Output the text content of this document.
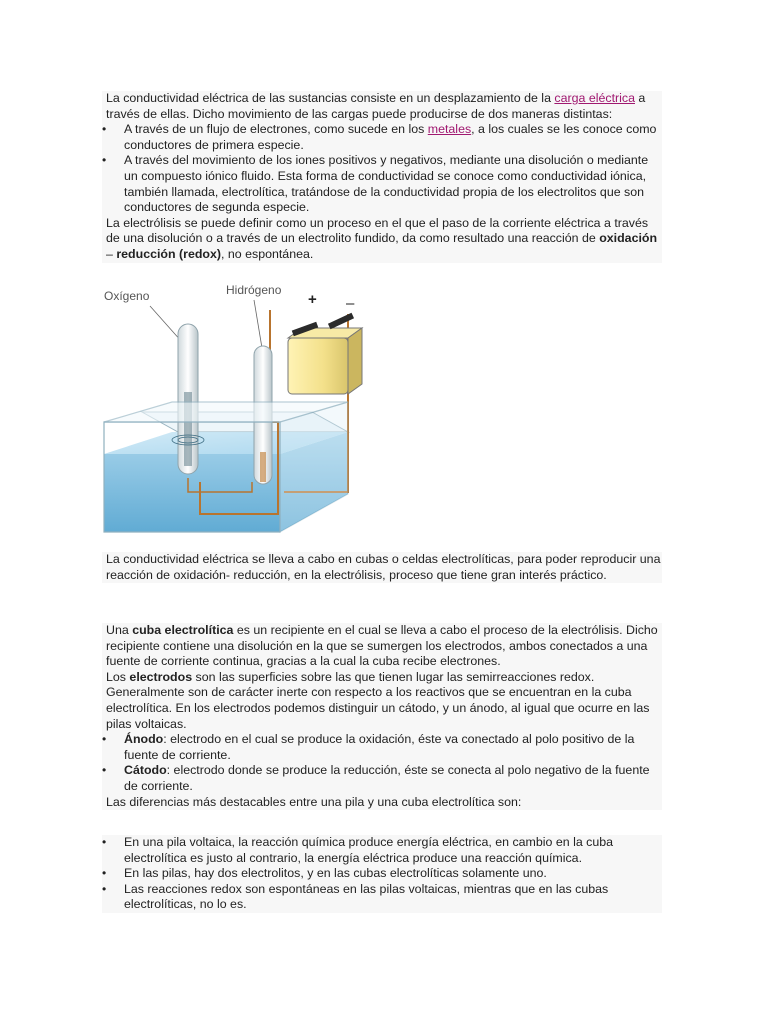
La conductividad eléctrica de las sustancias consiste en un desplazamiento de la carga eléctrica a través de ellas. Dicho movimiento de las cargas puede producirse de dos maneras distintas:

• A través de un flujo de electrones, como sucede en los metales, a los cuales se les conoce como conductores de primera especie.
• A través del movimiento de los iones positivos y negativos, mediante una disolución o mediante un compuesto iónico fluido. Esta forma de conductividad se conoce como conductividad iónica, también llamada, electrolítica, tratándose de la conductividad propia de los electrolitos que son conductores de segunda especie.

La electrólisis se puede definir como un proceso en el que el paso de la corriente eléctrica a través de una disolución o a través de un electrolito fundido, da como resultado una reacción de oxidación – reducción (redox), no espontánea.

Oxígeno	Hidrógeno
+ –

La conductividad eléctrica se lleva a cabo en cubas o celdas electrolíticas, para poder reproducir una reacción de oxidación- reducción, en la electrólisis, proceso que tiene gran interés práctico.

Una cuba electrolítica es un recipiente en el cual se lleva a cabo el proceso de la electrólisis. Dicho recipiente contiene una disolución en la que se sumergen los electrodos, ambos conectados a una fuente de corriente continua, gracias a la cual la cuba recibe electrones.

Los electrodos son las superficies sobre las que tienen lugar las semirreacciones redox. Generalmente son de carácter inerte con respecto a los reactivos que se encuentran en la cuba electrolítica. En los electrodos podemos distinguir un cátodo, y un ánodo, al igual que ocurre en las pilas voltaicas.

• Ánodo: electrodo en el cual se produce la oxidación, éste va conectado al polo positivo de la fuente de corriente.
• Cátodo: electrodo donde se produce la reducción, éste se conecta al polo negativo de la fuente de corriente.

Las diferencias más destacables entre una pila y una cuba electrolítica son:

• En una pila voltaica, la reacción química produce energía eléctrica, en cambio en la cuba electrolítica es justo al contrario, la energía eléctrica produce una reacción química.
• En las pilas, hay dos electrolitos, y en las cubas electrolíticas solamente uno.
• Las reacciones redox son espontáneas en las pilas voltaicas, mientras que en las cubas electrolíticas, no lo es.
